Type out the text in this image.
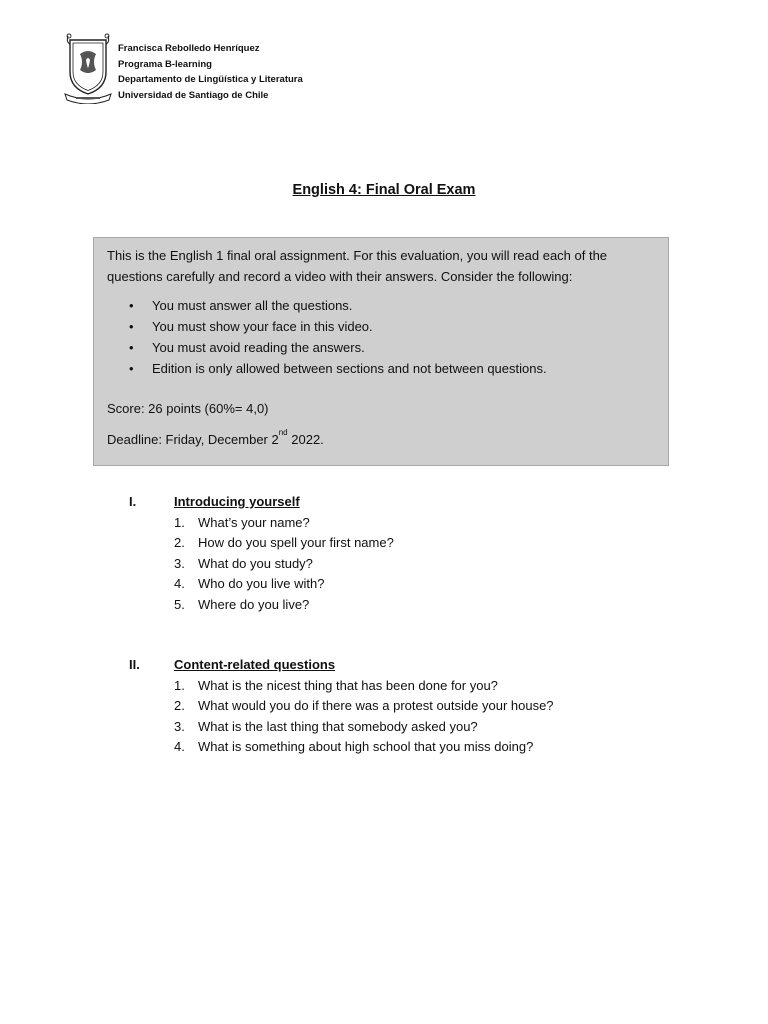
Francisca Rebolledo Henríquez
Programa B-learning
Departamento de Lingüística y Literatura
Universidad de Santiago de Chile
English 4: Final Oral Exam

This is the English 1 final oral assignment. For this evaluation, you will read each of the questions carefully and record a video with their answers. Consider the following:

• You must answer all the questions.
• You must show your face in this video.
• You must avoid reading the answers.
• Edition is only allowed between sections and not between questions.

Score: 26 points (60%= 4,0)

Deadline: Friday, December 2nd 2022.

I.	Introducing yourself
1. What’s your name?
2. How do you spell your first name?
3. What do you study?
4. Who do you live with?
5. Where do you live?
II.	Content-related questions
1. What is the nicest thing that has been done for you?
2. What would you do if there was a protest outside your house?
3. What is the last thing that somebody asked you?
4. What is something about high school that you miss doing?
